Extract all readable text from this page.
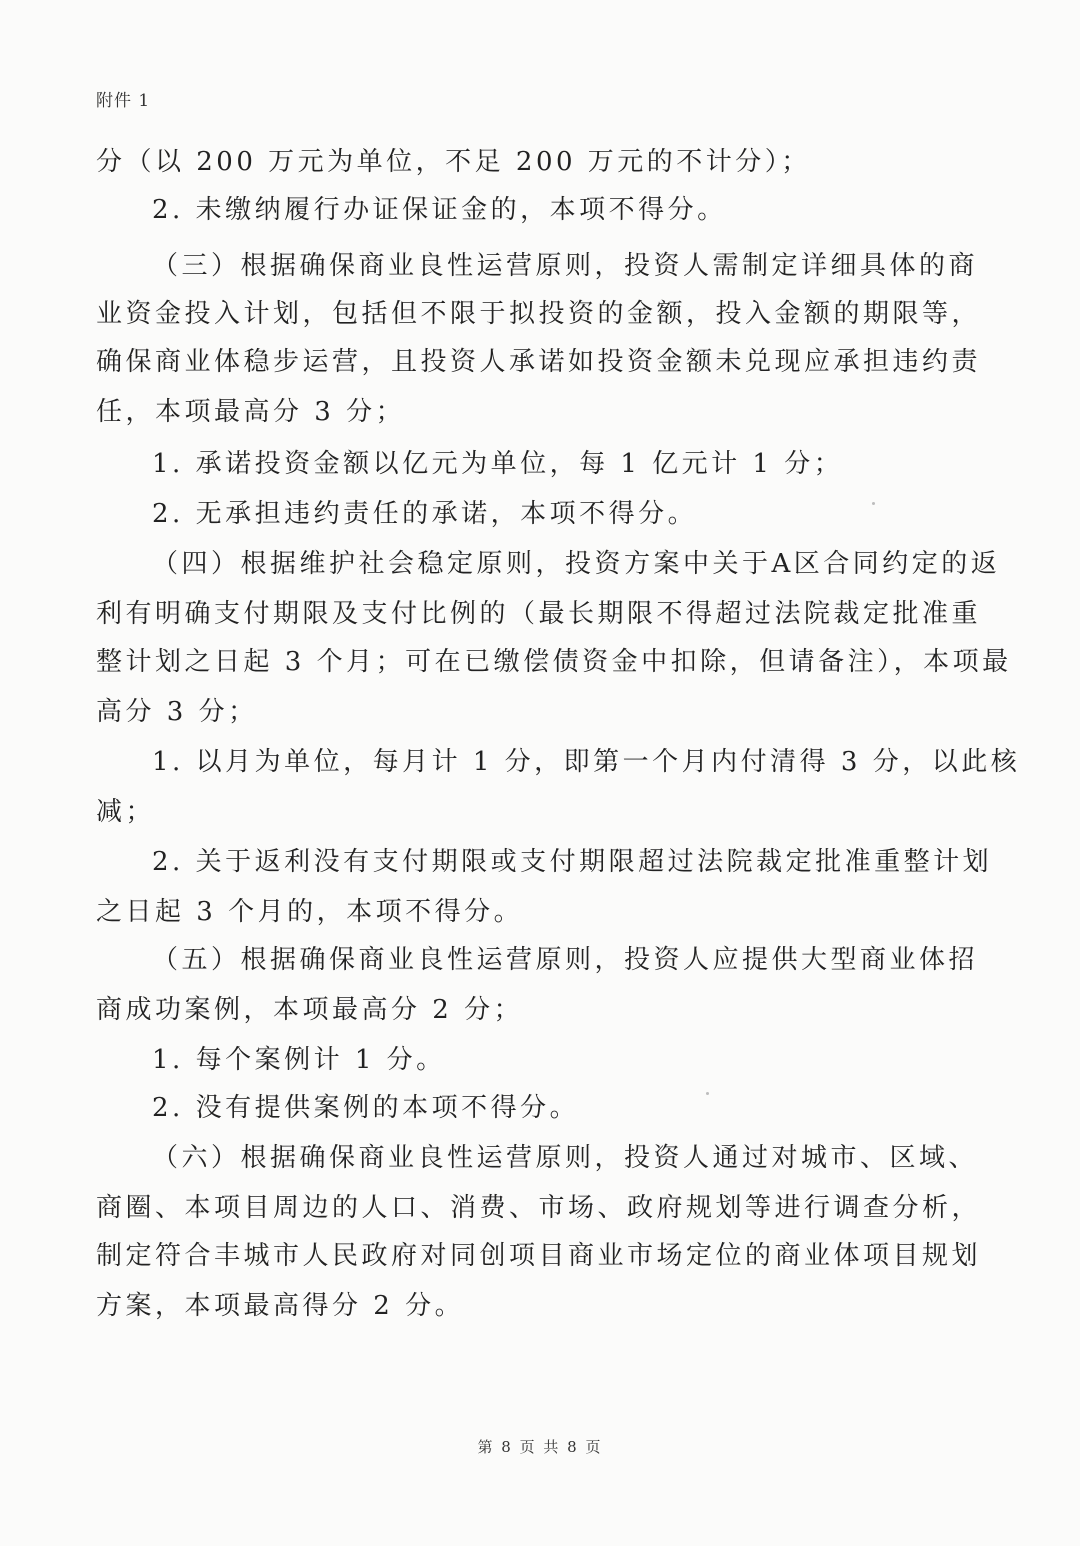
附件 1
分（以 200 万元为单位，不足 200 万元的不计分）；
2. 未缴纳履行办证保证金的，本项不得分。
（三）根据确保商业良性运营原则，投资人需制定详细具体的商
业资金投入计划，包括但不限于拟投资的金额，投入金额的期限等，
确保商业体稳步运营，且投资人承诺如投资金额未兑现应承担违约责
任，本项最高分 3 分；
1. 承诺投资金额以亿元为单位，每 1 亿元计 1 分；
2. 无承担违约责任的承诺，本项不得分。
（四）根据维护社会稳定原则，投资方案中关于A区合同约定的返
利有明确支付期限及支付比例的（最长期限不得超过法院裁定批准重
整计划之日起 3 个月；可在已缴偿债资金中扣除，但请备注），本项最
高分 3 分；
1. 以月为单位，每月计 1 分，即第一个月内付清得 3 分，以此核
减；
2. 关于返利没有支付期限或支付期限超过法院裁定批准重整计划
之日起 3 个月的，本项不得分。
（五）根据确保商业良性运营原则，投资人应提供大型商业体招
商成功案例，本项最高分 2 分；
1. 每个案例计 1 分。
2. 没有提供案例的本项不得分。
（六）根据确保商业良性运营原则，投资人通过对城市、区域、
商圈、本项目周边的人口、消费、市场、政府规划等进行调查分析，
制定符合丰城市人民政府对同创项目商业市场定位的商业体项目规划
方案，本项最高得分 2 分。
第 8 页 共 8 页
